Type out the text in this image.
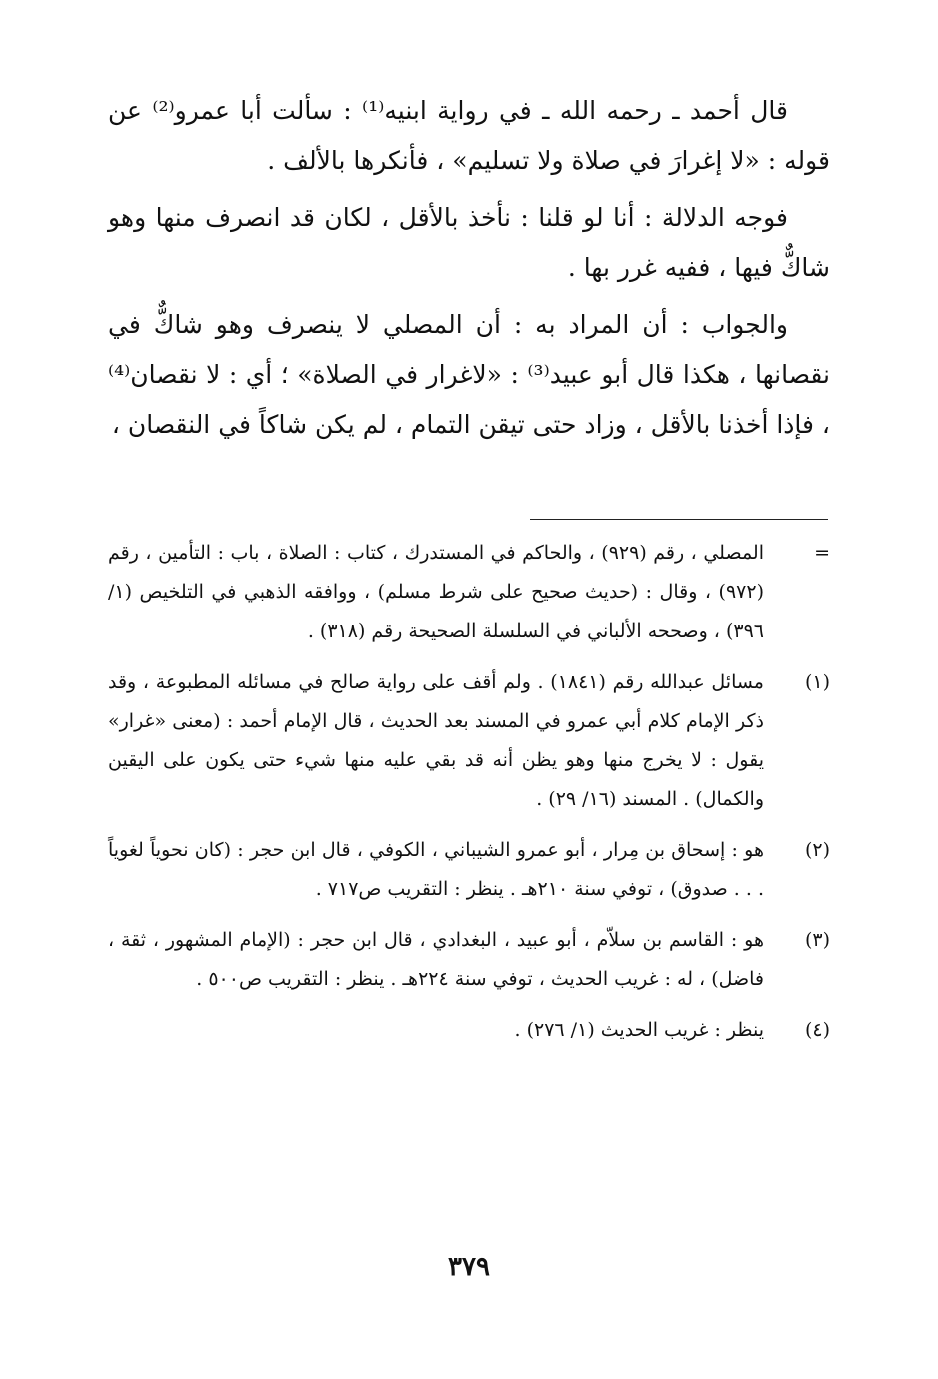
قال أحمد ـ رحمه الله ـ في رواية ابنيه⁽¹⁾ : سألت أبا عمرو⁽²⁾ عن قوله : «لا إغرارَ في صلاة ولا تسليم» ، فأنكرها بالألف .

فوجه الدلالة : أنا لو قلنا : نأخذ بالأقل ، لكان قد انصرف منها وهو شاكٌّ فيها ، ففيه غرر بها .

والجواب : أن المراد به : أن المصلي لا ينصرف وهو شاكٌّ في نقصانها ، هكذا قال أبو عبيد⁽³⁾ : «لاغرار في الصلاة» ؛ أي : لا نقصان⁽⁴⁾ ، فإذا أخذنا بالأقل ، وزاد حتى تيقن التمام ، لم يكن شاكاً في النقصان ،

=
المصلي ، رقم (٩٢٩) ، والحاكم في المستدرك ، كتاب : الصلاة ، باب : التأمين ، رقم (٩٧٢) ، وقال : (حديث صحيح على شرط مسلم) ، ووافقه الذهبي في التلخيص (١/ ٣٩٦) ، وصححه الألباني في السلسلة الصحيحة رقم (٣١٨) .
(١)
مسائل عبدالله رقم (١٨٤١) . ولم أقف على رواية صالح في مسائله المطبوعة ، وقد ذكر الإمام كلام أبي عمرو في المسند بعد الحديث ، قال الإمام أحمد : (معنى «غرار» يقول : لا يخرج منها وهو يظن أنه قد بقي عليه منها شيء حتى يكون على اليقين والكمال) . المسند (١٦/ ٢٩) .
(٢)
هو : إسحاق بن مِرار ، أبو عمرو الشيباني ، الكوفي ، قال ابن حجر : (كان نحوياً لغوياً . . . صدوق) ، توفي سنة ٢١٠هـ . ينظر : التقريب ص٧١٧ .
(٣)
هو : القاسم بن سلاّم ، أبو عبيد ، البغدادي ، قال ابن حجر : (الإمام المشهور ، ثقة ، فاضل) ، له : غريب الحديث ، توفي سنة ٢٢٤هـ . ينظر : التقريب ص٥٠٠ .
(٤)
ينظر : غريب الحديث (١/ ٢٧٦) .
٣٧٩
